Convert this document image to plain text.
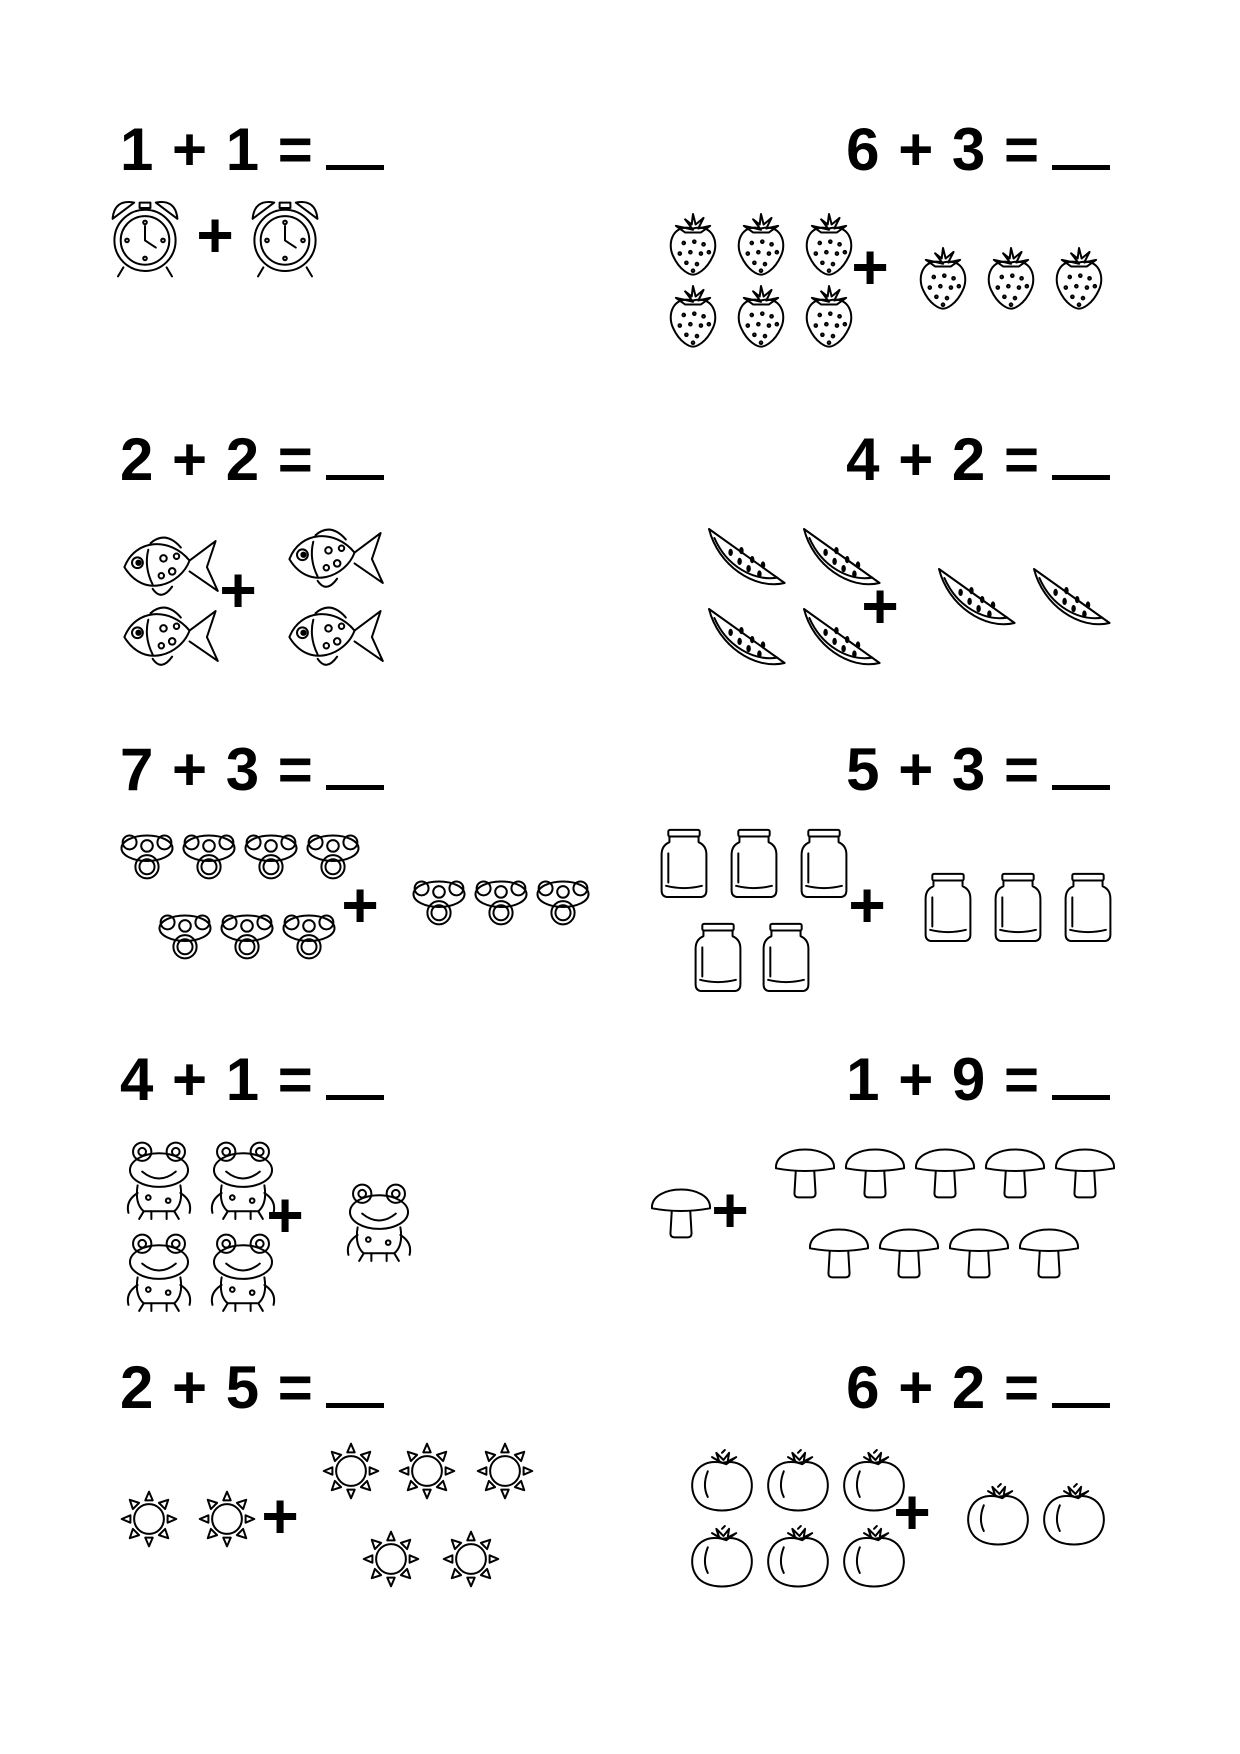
1 + 1 =
+
6 + 3 =
+
2 + 2 =
+
4 + 2 =
+
7 + 3 =
+
5 + 3 =
+
4 + 1 =
+
1 + 9 =
+
2 + 5 =
+
6 + 2 =
+
